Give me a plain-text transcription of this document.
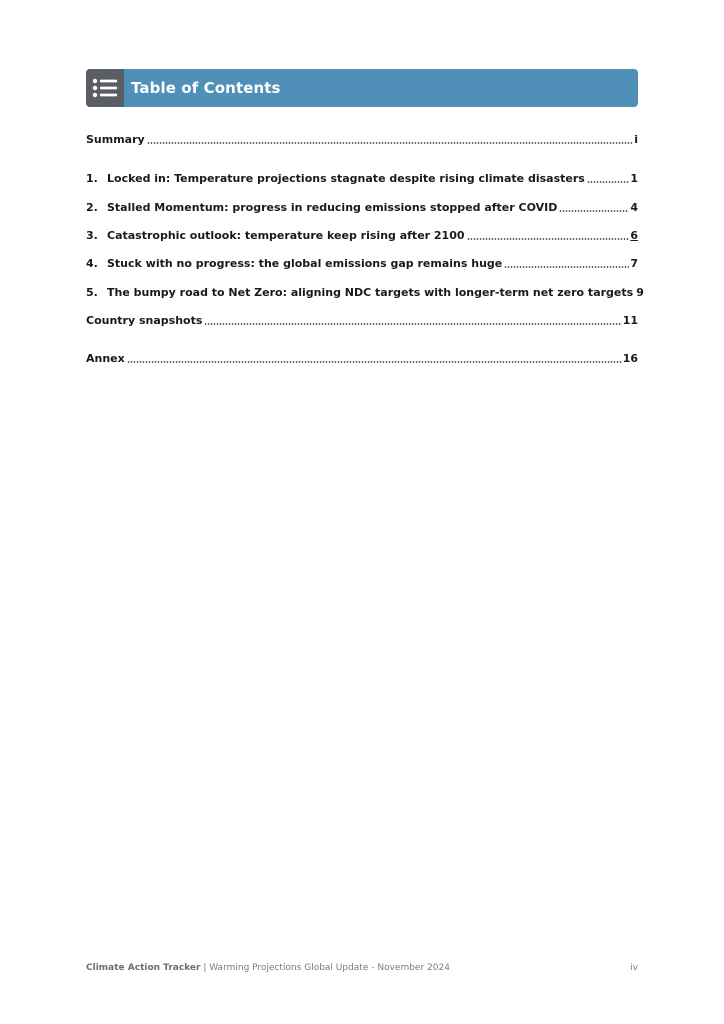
Table of Contents
Summary	i
1. Locked in: Temperature projections stagnate despite rising climate disasters	1
2. Stalled Momentum: progress in reducing emissions stopped after COVID	4
3. Catastrophic outlook: temperature keep rising after 2100	6
4. Stuck with no progress: the global emissions gap remains huge	7
5. The bumpy road to Net Zero: aligning NDC targets with longer-term net zero targets 9
Country snapshots	11
Annex	16
Climate Action Tracker | Warming Projections Global Update - November 2024	iv
